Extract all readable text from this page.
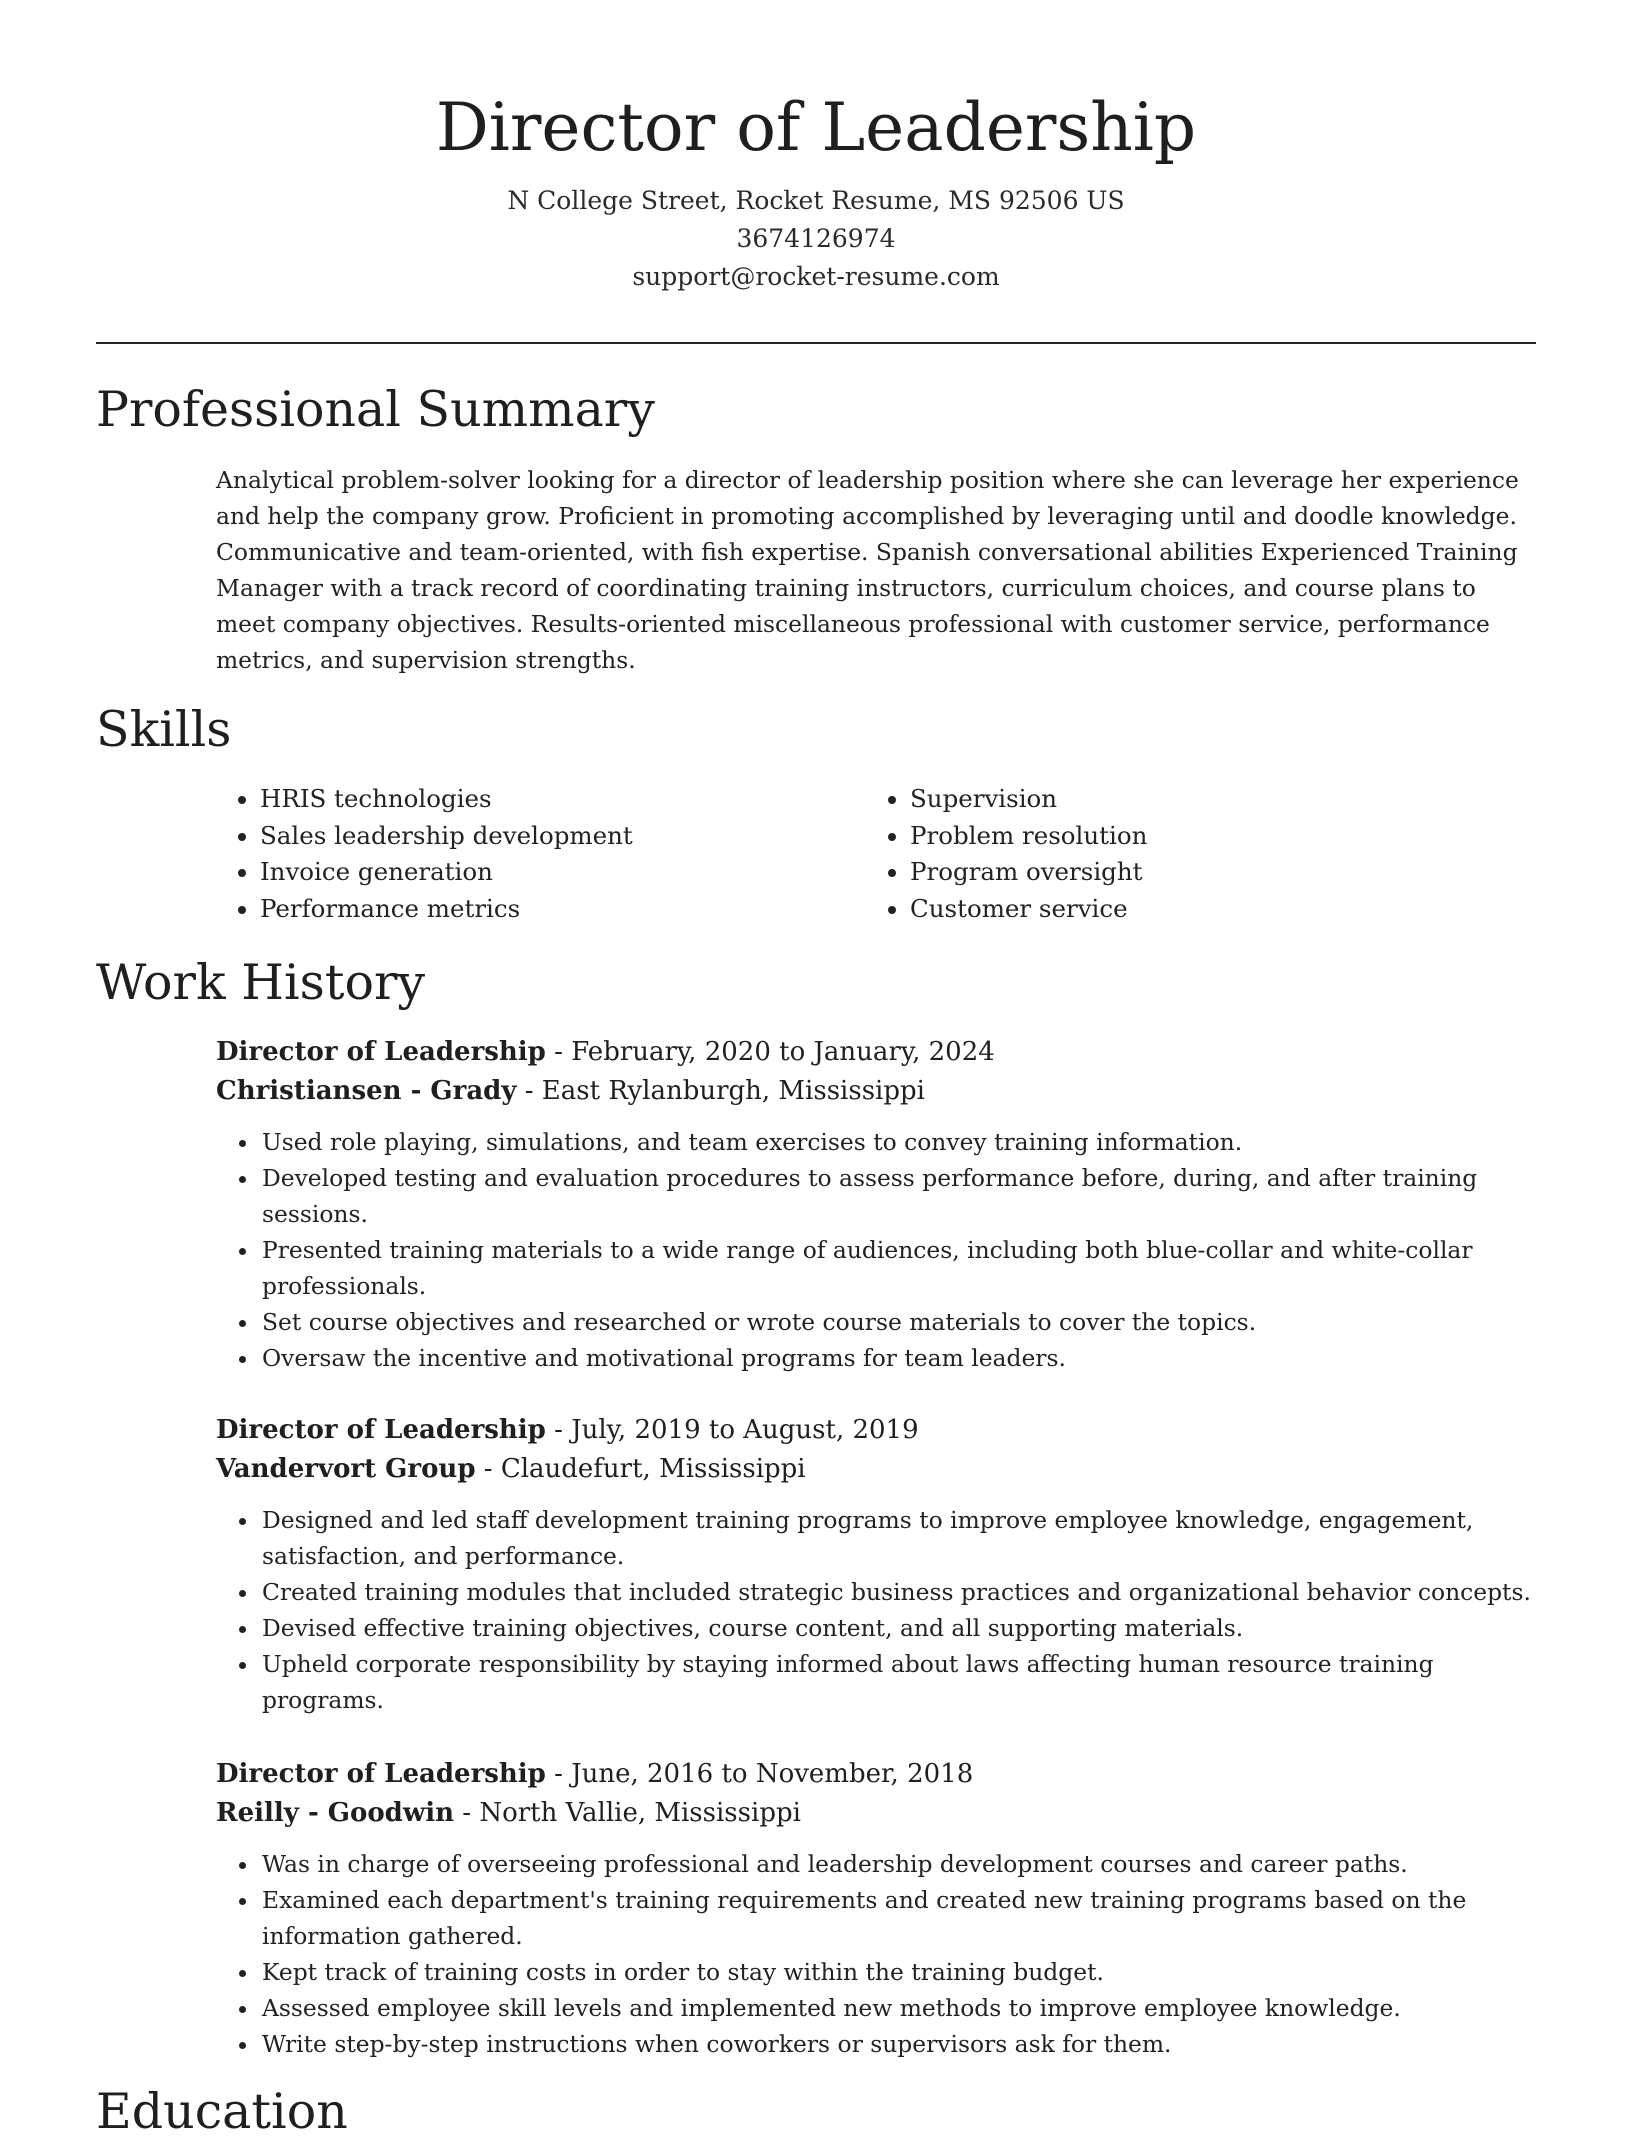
Director of Leadership
N College Street, Rocket Resume, MS 92506 US
3674126974
support@rocket-resume.com
Professional Summary
Analytical problem-solver looking for a director of leadership position where she can leverage her experience and help the company grow. Proficient in promoting accomplished by leveraging until and doodle knowledge. Communicative and team-oriented, with fish expertise. Spanish conversational abilities Experienced Training Manager with a track record of coordinating training instructors, curriculum choices, and course plans to meet company objectives. Results-oriented miscellaneous professional with customer service, performance metrics, and supervision strengths.
Skills
• HRIS technologies
• Sales leadership development
• Invoice generation
• Performance metrics
• Supervision
• Problem resolution
• Program oversight
• Customer service
Work History
Director of Leadership - February, 2020 to January, 2024
Christiansen - Grady - East Rylanburgh, Mississippi
• Used role playing, simulations, and team exercises to convey training information.
• Developed testing and evaluation procedures to assess performance before, during, and after training sessions.
• Presented training materials to a wide range of audiences, including both blue-collar and white-collar professionals.
• Set course objectives and researched or wrote course materials to cover the topics.
• Oversaw the incentive and motivational programs for team leaders.
Director of Leadership - July, 2019 to August, 2019
Vandervort Group - Claudefurt, Mississippi
• Designed and led staff development training programs to improve employee knowledge, engagement, satisfaction, and performance.
• Created training modules that included strategic business practices and organizational behavior concepts.
• Devised effective training objectives, course content, and all supporting materials.
• Upheld corporate responsibility by staying informed about laws affecting human resource training programs.
Director of Leadership - June, 2016 to November, 2018
Reilly - Goodwin - North Vallie, Mississippi
• Was in charge of overseeing professional and leadership development courses and career paths.
• Examined each department's training requirements and created new training programs based on the information gathered.
• Kept track of training costs in order to stay within the training budget.
• Assessed employee skill levels and implemented new methods to improve employee knowledge.
• Write step-by-step instructions when coworkers or supervisors ask for them.
Education
